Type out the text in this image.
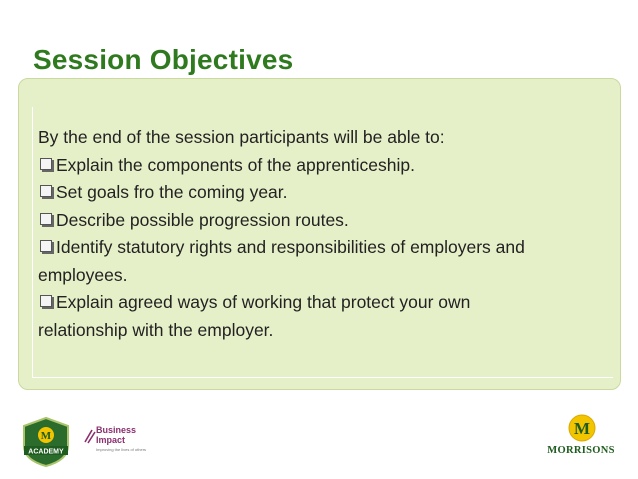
Session Objectives
By the end of the session participants will be able to:
Explain the components of the apprenticeship.
Set goals fro the coming year.
Describe possible progression routes.
Identify statutory rights and responsibilities of employers and
employees.
Explain agreed ways of working that protect your own
relationship with the employer.
M
ACADEMY
Business
Impact
Improving the lives of others
M
MORRISONS
